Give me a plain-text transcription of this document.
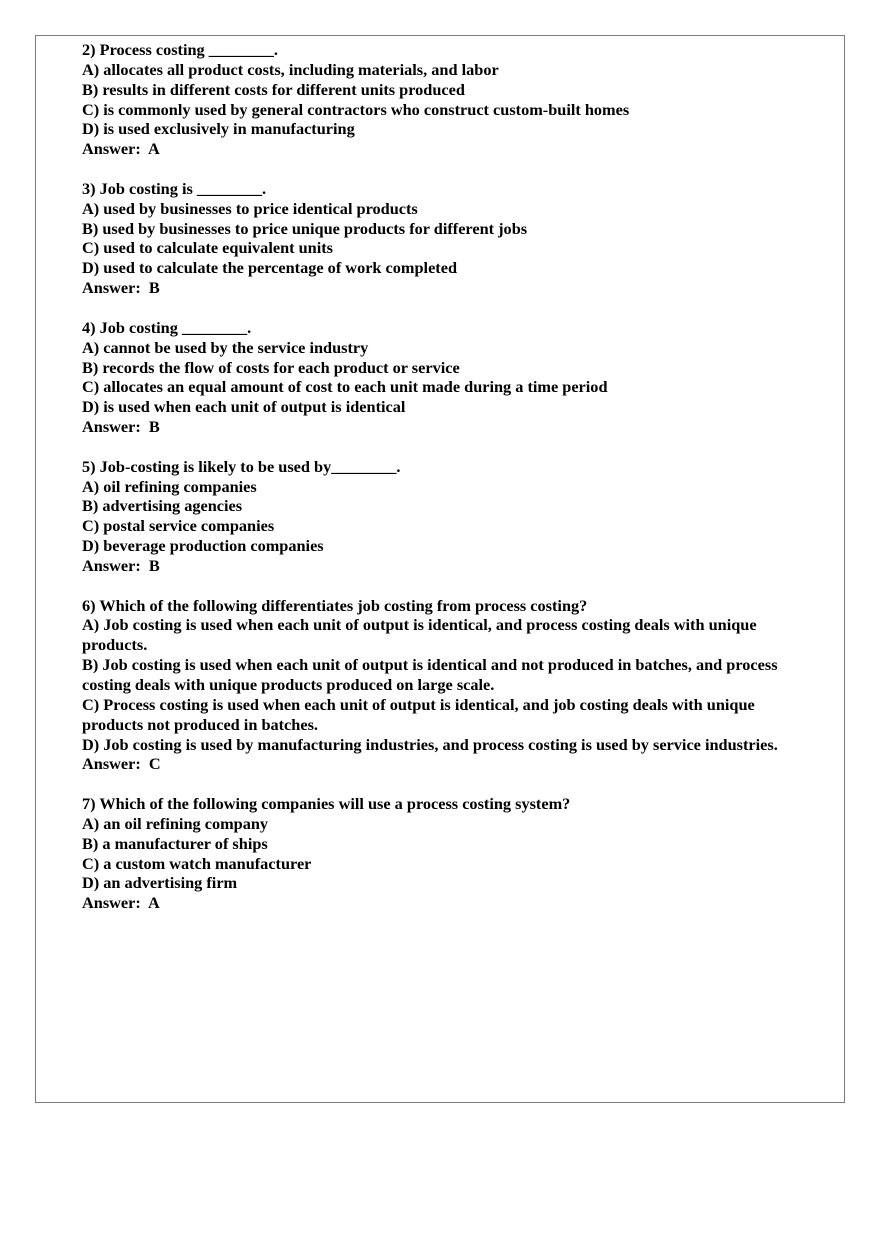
2) Process costing ________.
A) allocates all product costs, including materials, and labor
B) results in different costs for different units produced
C) is commonly used by general contractors who construct custom-built homes
D) is used exclusively in manufacturing
Answer:  A
3) Job costing is ________.
A) used by businesses to price identical products
B) used by businesses to price unique products for different jobs
C) used to calculate equivalent units
D) used to calculate the percentage of work completed
Answer:  B
4) Job costing ________.
A) cannot be used by the service industry
B) records the flow of costs for each product or service
C) allocates an equal amount of cost to each unit made during a time period
D) is used when each unit of output is identical
Answer:  B
5) Job-costing is likely to be used by________.
A) oil refining companies
B) advertising agencies
C) postal service companies
D) beverage production companies
Answer:  B
6) Which of the following differentiates job costing from process costing?
A) Job costing is used when each unit of output is identical, and process costing deals with unique products.
B) Job costing is used when each unit of output is identical and not produced in batches, and process costing deals with unique products produced on large scale.
C) Process costing is used when each unit of output is identical, and job costing deals with unique products not produced in batches.
D) Job costing is used by manufacturing industries, and process costing is used by service industries.
Answer:  C
7) Which of the following companies will use a process costing system?
A) an oil refining company
B) a manufacturer of ships
C) a custom watch manufacturer
D) an advertising firm
Answer:  A
